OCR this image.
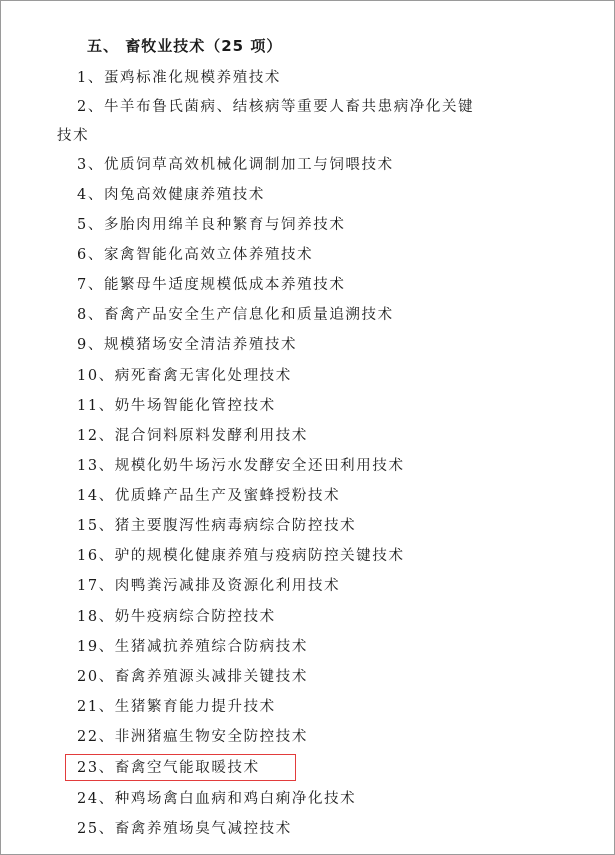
五、 畜牧业技术（25 项）
1、蛋鸡标准化规模养殖技术
2、牛羊布鲁氏菌病、结核病等重要人畜共患病净化关键
技术
3、优质饲草高效机械化调制加工与饲喂技术
4、肉兔高效健康养殖技术
5、多胎肉用绵羊良种繁育与饲养技术
6、家禽智能化高效立体养殖技术
7、能繁母牛适度规模低成本养殖技术
8、畜禽产品安全生产信息化和质量追溯技术
9、规模猪场安全清洁养殖技术
10、病死畜禽无害化处理技术
11、奶牛场智能化管控技术
12、混合饲料原料发酵利用技术
13、规模化奶牛场污水发酵安全还田利用技术
14、优质蜂产品生产及蜜蜂授粉技术
15、猪主要腹泻性病毒病综合防控技术
16、驴的规模化健康养殖与疫病防控关键技术
17、肉鸭粪污减排及资源化利用技术
18、奶牛疫病综合防控技术
19、生猪减抗养殖综合防病技术
20、畜禽养殖源头减排关键技术
21、生猪繁育能力提升技术
22、非洲猪瘟生物安全防控技术
23、畜禽空气能取暖技术
24、种鸡场禽白血病和鸡白痢净化技术
25、畜禽养殖场臭气减控技术
